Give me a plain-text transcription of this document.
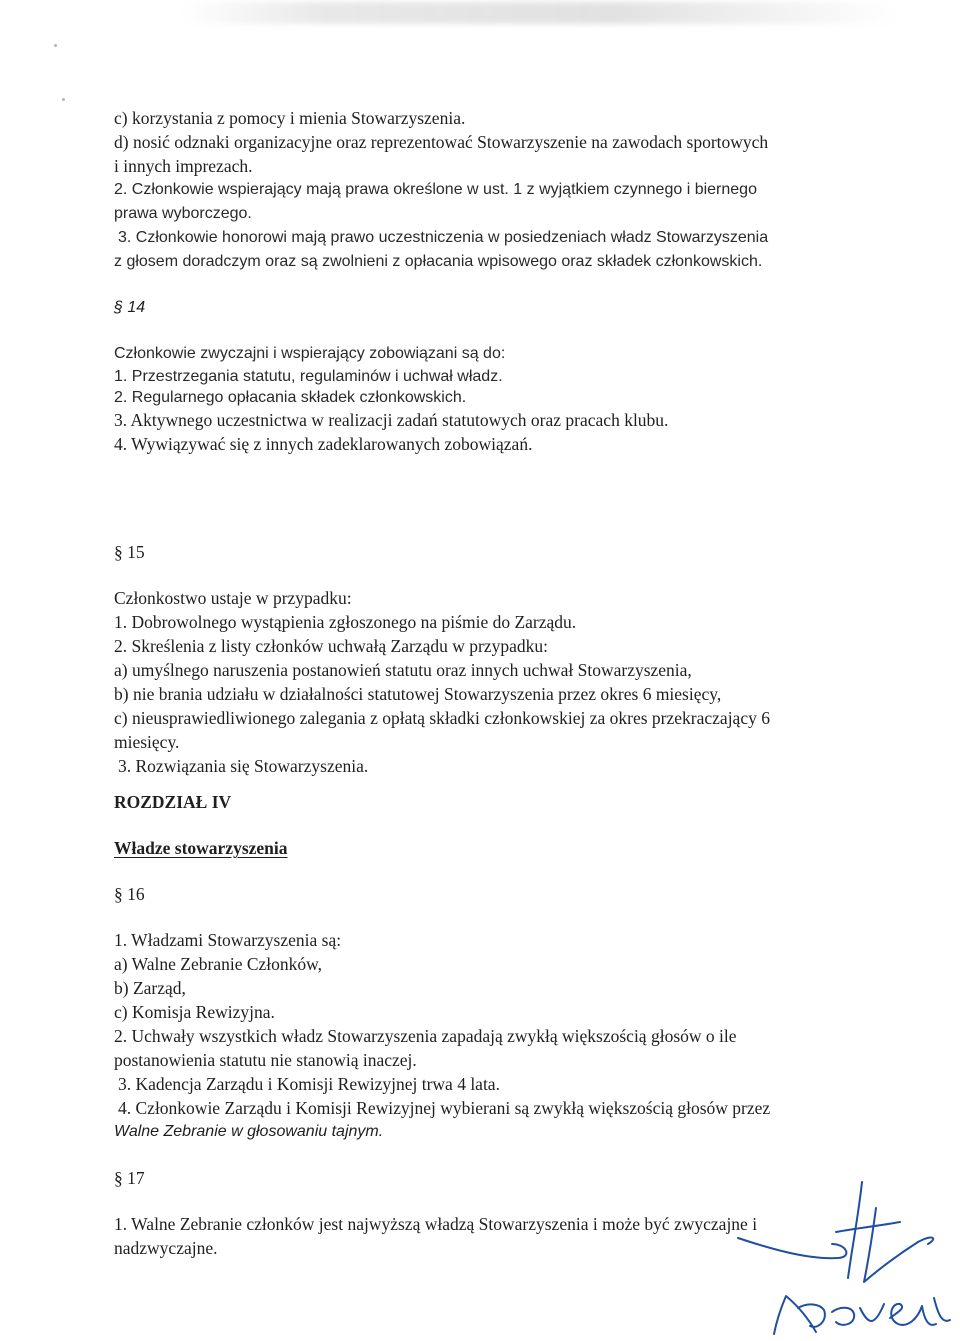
c) korzystania z pomocy i mienia Stowarzyszenia.
d) nosić odznaki organizacyjne oraz reprezentować Stowarzyszenie na zawodach sportowych
i innych imprezach.
2. Członkowie wspierający mają prawa określone w ust. 1 z wyjątkiem czynnego i biernego
prawa wyborczego.
3. Członkowie honorowi mają prawo uczestniczenia w posiedzeniach władz Stowarzyszenia
z głosem doradczym oraz są zwolnieni z opłacania wpisowego oraz składek członkowskich.
§ 14
Członkowie zwyczajni i wspierający zobowiązani są do:
1. Przestrzegania statutu, regulaminów i uchwał władz.
2. Regularnego opłacania składek członkowskich.
3. Aktywnego uczestnictwa w realizacji zadań statutowych oraz pracach klubu.
4. Wywiązywać się z innych zadeklarowanych zobowiązań.
§ 15
Członkostwo ustaje w przypadku:
1. Dobrowolnego wystąpienia zgłoszonego na piśmie do Zarządu.
2. Skreślenia z listy członków uchwałą Zarządu w przypadku:
a) umyślnego naruszenia postanowień statutu oraz innych uchwał Stowarzyszenia,
b) nie brania udziału w działalności statutowej Stowarzyszenia przez okres 6 miesięcy,
c) nieusprawiedliwionego zalegania z opłatą składki członkowskiej za okres przekraczający 6
miesięcy.
3. Rozwiązania się Stowarzyszenia.
ROZDZIAŁ IV
Władze stowarzyszenia
§ 16
1. Władzami Stowarzyszenia są:
a) Walne Zebranie Członków,
b) Zarząd,
c) Komisja Rewizyjna.
2. Uchwały wszystkich władz Stowarzyszenia zapadają zwykłą większością głosów o ile
postanowienia statutu nie stanowią inaczej.
3. Kadencja Zarządu i Komisji Rewizyjnej trwa 4 lata.
4. Członkowie Zarządu i Komisji Rewizyjnej wybierani są zwykłą większością głosów przez
Walne Zebranie w głosowaniu tajnym.
§ 17
1. Walne Zebranie członków jest najwyższą władzą Stowarzyszenia i może być zwyczajne i
nadzwyczajne.
